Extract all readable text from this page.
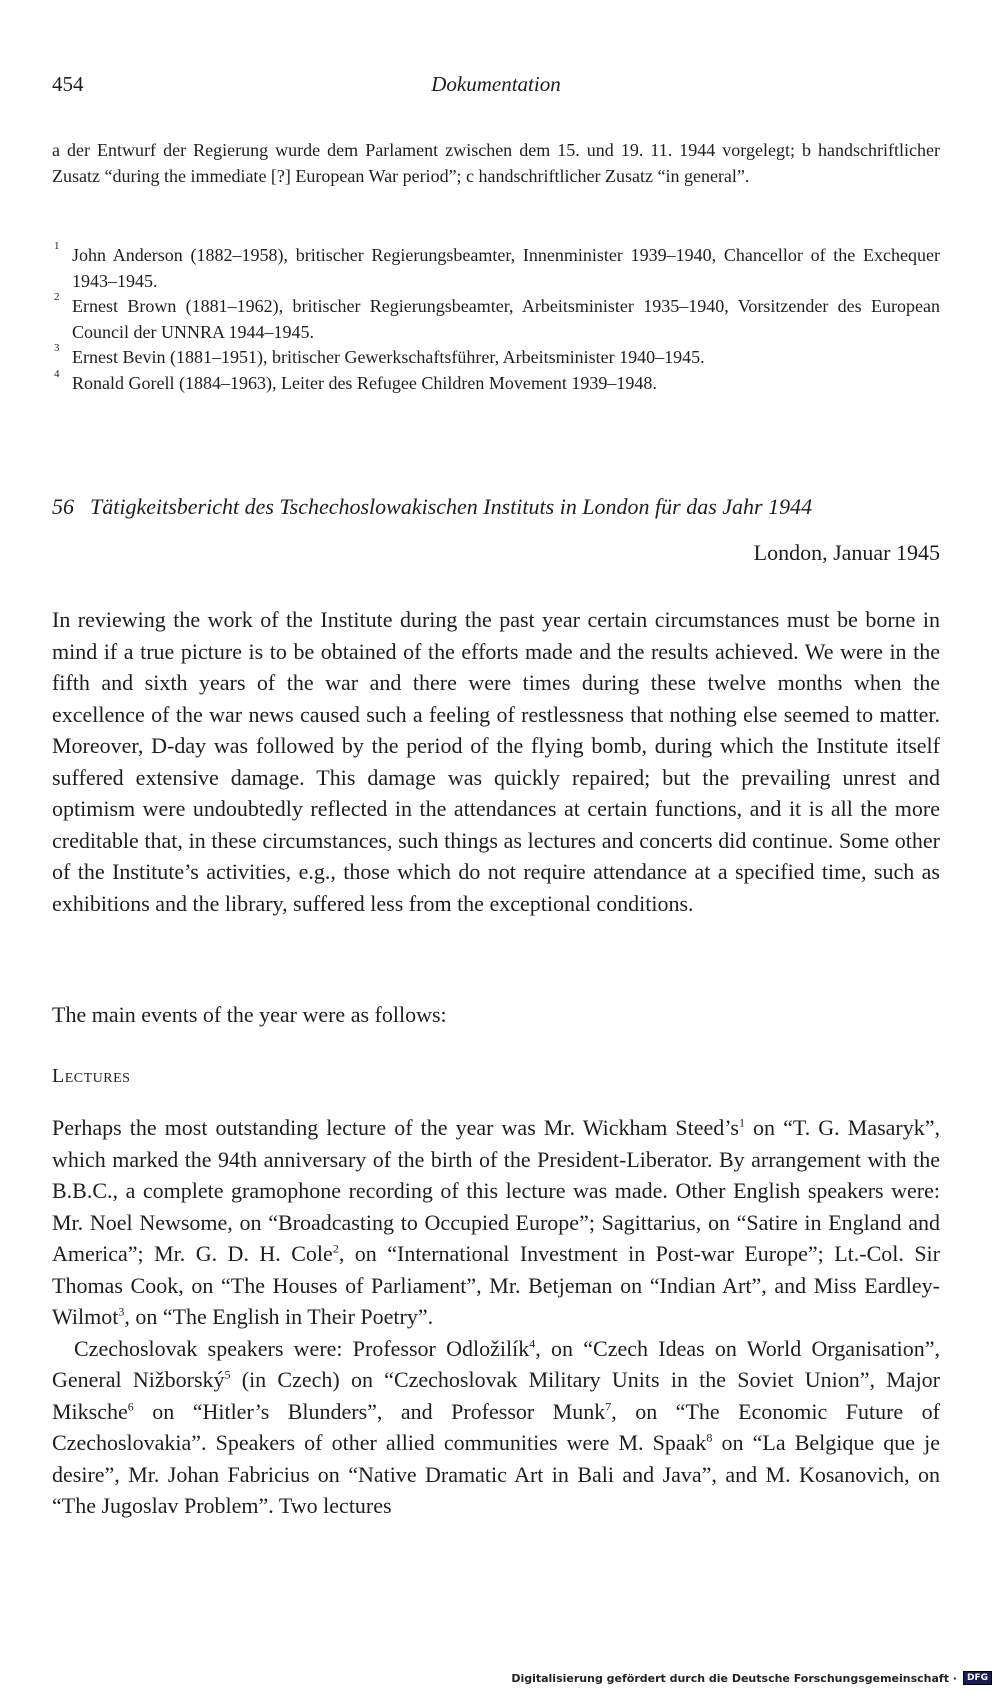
454	Dokumentation
a der Entwurf der Regierung wurde dem Parlament zwischen dem 15. und 19. 11. 1944 vorgelegt; b handschriftlicher Zusatz “during the immediate [?] European War period”; c handschriftlicher Zusatz “in general”.
1 John Anderson (1882–1958), britischer Regierungsbeamter, Innenminister 1939–1940, Chancellor of the Exchequer 1943–1945.
2 Ernest Brown (1881–1962), britischer Regierungsbeamter, Arbeitsminister 1935–1940, Vorsitzender des European Council der UNNRA 1944–1945.
3 Ernest Bevin (1881–1951), britischer Gewerkschaftsführer, Arbeitsminister 1940–1945.
4 Ronald Gorell (1884–1963), Leiter des Refugee Children Movement 1939–1948.
56 Tätigkeitsbericht des Tschechoslowakischen Instituts in London für das Jahr 1944
London, Januar 1945

In reviewing the work of the Institute during the past year certain circumstances must be borne in mind if a true picture is to be obtained of the efforts made and the results achieved. We were in the fifth and sixth years of the war and there were times during these twelve months when the excellence of the war news caused such a feeling of restlessness that nothing else seemed to matter. Moreover, D-day was followed by the period of the flying bomb, during which the Institute itself suffered extensive damage. This damage was quickly repaired; but the prevailing unrest and optimism were undoubtedly reflected in the attendances at certain functions, and it is all the more creditable that, in these circumstances, such things as lectures and concerts did continue. Some other of the Institute’s activities, e.g., those which do not require attendance at a specified time, such as exhibitions and the library, suffered less from the exceptional conditions.

The main events of the year were as follows:

Lectures

Perhaps the most outstanding lecture of the year was Mr. Wickham $Steed’s^1$ on “T. G. Masaryk”, which marked the 94th anniversary of the birth of the President-Liberator. By arrangement with the B.B.C., a complete gramophone recording of this lecture was made. Other English speakers were: Mr. Noel Newsome, on “Broadcasting to Occupied Europe”; Sagittarius, on “Satire in England and America”; Mr. G. D. H. Cole$^2$, on “International Investment in Post-war Europe”; Lt.-Col. Sir Thomas Cook, on “The Houses of Parliament”, Mr. Betjeman on “Indian Art”, and Miss Eardley-Wilmot$^3$, on “The English in Their Poetry”.

Czechoslovak speakers were: Professor Odložilík$^4$, on “Czech Ideas on World Organisation”, General Nižborský$^5$ (in Czech) on “Czechoslovak Military Units in the Soviet Union”, Major Miksche$^6$ on “Hitler’s Blunders”, and Professor Munk$^7$, on “The Economic Future of Czechoslovakia”. Speakers of other allied communities were M. Spaak$^8$ on “La Belgique que je desire”, Mr. Johan Fabricius on “Native Dramatic Art in Bali and Java”, and M. Kosanovich, on “The Jugoslav Problem”. Two lectures

Digitalisierung gefördert durch die Deutsche Forschungsgemeinschaft ·	DFG
